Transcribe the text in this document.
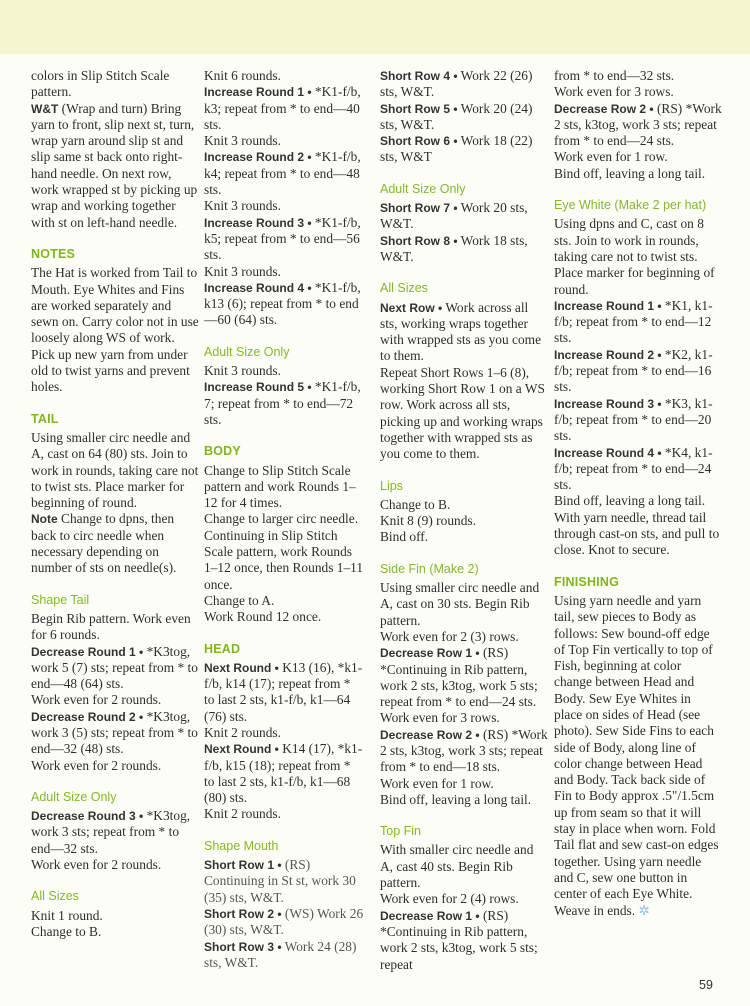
colors in Slip Stitch Scale pattern.

W&T (Wrap and turn) Bring yarn to front, slip next st, turn, wrap yarn around slip st and slip same st back onto right-hand needle. On next row, work wrapped st by picking up wrap and working together with st on left-hand needle.

NOTES

The Hat is worked from Tail to Mouth. Eye Whites and Fins are worked separately and sewn on. Carry color not in use loosely along WS of work. Pick up new yarn from under old to twist yarns and prevent holes.

TAIL

Using smaller circ needle and A, cast on 64 (80) sts. Join to work in rounds, taking care not to twist sts. Place marker for beginning of round.

Note Change to dpns, then back to circ needle when necessary depending on number of sts on needle(s).

Shape Tail

Begin Rib pattern. Work even for 6 rounds.

Decrease Round 1 • *K3tog, work 5 (7) sts; repeat from * to end—48 (64) sts.

Work even for 2 rounds.

Decrease Round 2 • *K3tog, work 3 (5) sts; repeat from * to end—32 (48) sts.

Work even for 2 rounds.

Adult Size Only

Decrease Round 3 • *K3tog, work 3 sts; repeat from * to end—32 sts.

Work even for 2 rounds.

All Sizes

Knit 1 round.

Change to B.

Knit 6 rounds.

Increase Round 1 • *K1-f/b, k3; repeat from * to end—40 sts.

Knit 3 rounds.

Increase Round 2 • *K1-f/b, k4; repeat from * to end—48 sts.

Knit 3 rounds.

Increase Round 3 • *K1-f/b, k5; repeat from * to end—56 sts.

Knit 3 rounds.

Increase Round 4 • *K1-f/b, k13 (6); repeat from * to end—60 (64) sts.

Adult Size Only

Knit 3 rounds.

Increase Round 5 • *K1-f/b, 7; repeat from * to end—72 sts.

BODY

Change to Slip Stitch Scale pattern and work Rounds 1–12 for 4 times.

Change to larger circ needle. Continuing in Slip Stitch Scale pattern, work Rounds 1–12 once, then Rounds 1–11 once.

Change to A.

Work Round 12 once.

HEAD

Next Round • K13 (16), *k1-f/b, k14 (17); repeat from * to last 2 sts, k1-f/b, k1—64 (76) sts.

Knit 2 rounds.

Next Round • K14 (17), *k1-f/b, k15 (18); repeat from * to last 2 sts, k1-f/b, k1—68 (80) sts.

Knit 2 rounds.

Shape Mouth

Short Row 1 • (RS) Continuing in St st, work 30 (35) sts, W&T.

Short Row 2 • (WS) Work 26 (30) sts, W&T.

Short Row 3 • Work 24 (28) sts, W&T.

Short Row 4 • Work 22 (26) sts, W&T.

Short Row 5 • Work 20 (24) sts, W&T.

Short Row 6 • Work 18 (22) sts, W&T

Adult Size Only

Short Row 7 • Work 20 sts, W&T.

Short Row 8 • Work 18 sts, W&T.

All Sizes

Next Row • Work across all sts, working wraps together with wrapped sts as you come to them.

Repeat Short Rows 1–6 (8), working Short Row 1 on a WS row. Work across all sts, picking up and working wraps together with wrapped sts as you come to them.

Lips

Change to B.

Knit 8 (9) rounds.

Bind off.

Side Fin (Make 2)

Using smaller circ needle and A, cast on 30 sts. Begin Rib pattern.

Work even for 2 (3) rows.

Decrease Row 1 • (RS) *Continuing in Rib pattern, work 2 sts, k3tog, work 5 sts; repeat from * to end—24 sts.

Work even for 3 rows.

Decrease Row 2 • (RS) *Work 2 sts, k3tog, work 3 sts; repeat from * to end—18 sts.

Work even for 1 row.

Bind off, leaving a long tail.

Top Fin

With smaller circ needle and A, cast 40 sts. Begin Rib pattern.

Work even for 2 (4) rows.

Decrease Row 1 • (RS) *Continuing in Rib pattern, work 2 sts, k3tog, work 5 sts; repeat

from * to end—32 sts.

Work even for 3 rows.

Decrease Row 2 • (RS) *Work 2 sts, k3tog, work 3 sts; repeat from * to end—24 sts.

Work even for 1 row.

Bind off, leaving a long tail.

Eye White (Make 2 per hat)

Using dpns and C, cast on 8 sts. Join to work in rounds, taking care not to twist sts. Place marker for beginning of round.

Increase Round 1 • *K1, k1-f/b; repeat from * to end—12 sts.

Increase Round 2 • *K2, k1-f/b; repeat from * to end—16 sts.

Increase Round 3 • *K3, k1-f/b; repeat from * to end—20 sts.

Increase Round 4 • *K4, k1-f/b; repeat from * to end—24 sts.

Bind off, leaving a long tail. With yarn needle, thread tail through cast-on sts, and pull to close. Knot to secure.

FINISHING

Using yarn needle and yarn tail, sew pieces to Body as follows: Sew bound-off edge of Top Fin vertically to top of Fish, beginning at color change between Head and Body. Sew Eye Whites in place on sides of Head (see photo). Sew Side Fins to each side of Body, along line of color change between Head and Body. Tack back side of Fin to Body approx .5"/1.5cm up from seam so that it will stay in place when worn. Fold Tail flat and sew cast-on edges together. Using yarn needle and C, sew one button in center of each Eye White. Weave in ends. ✲

59
